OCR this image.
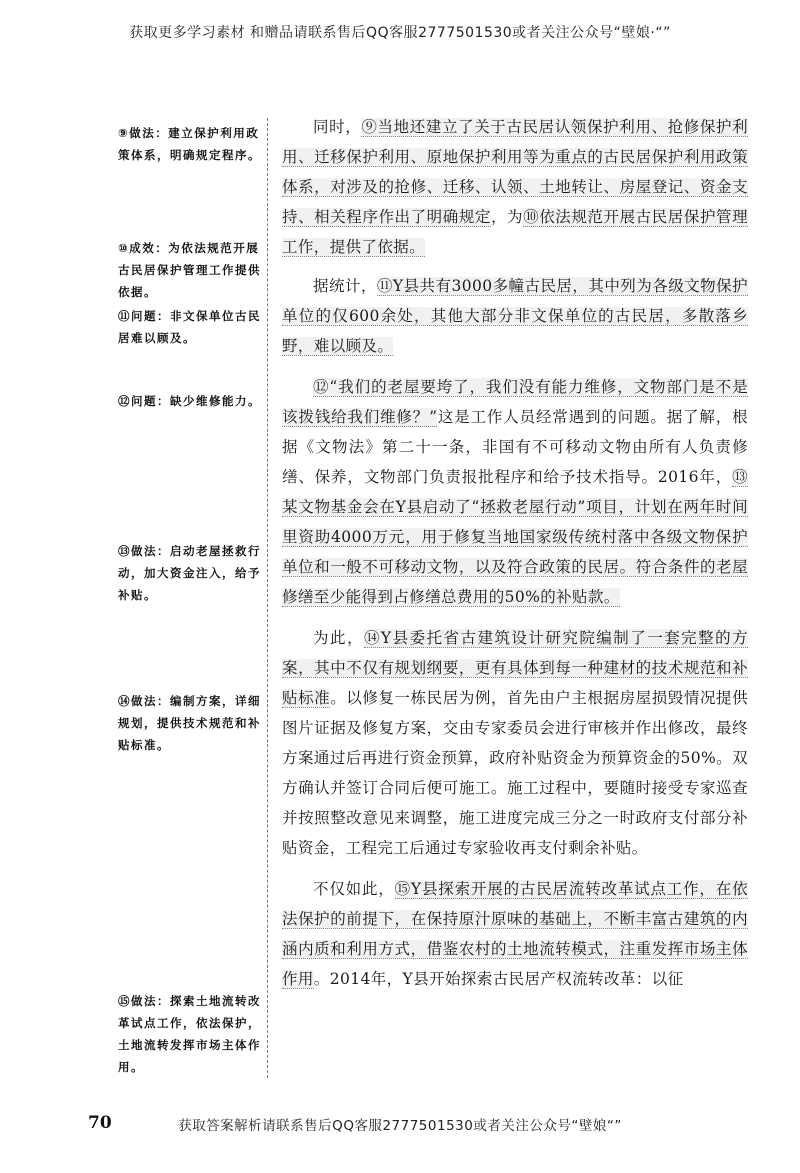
获取更多学习素材 和赠品请联系售后QQ客服2777501530或者关注公众号“壁娘·“”
⑨做法：建立保护利用政策体系，明确规定程序。
⑩成效：为依法规范开展古民居保护管理工作提供依据。
⑪问题：非文保单位古民居难以顾及。
⑫问题：缺少维修能力。
⑬做法：启动老屋拯救行动，加大资金注入，给予补贴。
⑭做法：编制方案，详细规划，提供技术规范和补贴标准。
⑮做法：探索土地流转改革试点工作，依法保护，土地流转发挥市场主体作用。

同时，⑨当地还建立了关于古民居认领保护利用、抢修保护利用、迁移保护利用、原地保护利用等为重点的古民居保护利用政策体系，对涉及的抢修、迁移、认领、土地转让、房屋登记、资金支持、相关程序作出了明确规定，为⑩依法规范开展古民居保护管理工作，提供了依据。

据统计，⑪Y县共有3000多幢古民居，其中列为各级文物保护单位的仅600余处，其他大部分非文保单位的古民居，多散落乡野，难以顾及。

⑫“我们的老屋要垮了，我们没有能力维修，文物部门是不是该拨钱给我们维修？”这是工作人员经常遇到的问题。据了解，根据《文物法》第二十一条，非国有不可移动文物由所有人负责修缮、保养，文物部门负责报批程序和给予技术指导。2016年，⑬某文物基金会在Y县启动了“拯救老屋行动”项目，计划在两年时间里资助4000万元，用于修复当地国家级传统村落中各级文物保护单位和一般不可移动文物，以及符合政策的民居。符合条件的老屋修缮至少能得到占修缮总费用的50%的补贴款。

为此，⑭Y县委托省古建筑设计研究院编制了一套完整的方案，其中不仅有规划纲要，更有具体到每一种建材的技术规范和补贴标准。以修复一栋民居为例，首先由户主根据房屋损毁情况提供图片证据及修复方案，交由专家委员会进行审核并作出修改，最终方案通过后再进行资金预算，政府补贴资金为预算资金的50%。双方确认并签订合同后便可施工。施工过程中，要随时接受专家巡查并按照整改意见来调整，施工进度完成三分之一时政府支付部分补贴资金，工程完工后通过专家验收再支付剩余补贴。

不仅如此，⑮Y县探索开展的古民居流转改革试点工作，在依法保护的前提下，在保持原汁原味的基础上，不断丰富古建筑的内涵内质和利用方式，借鉴农村的土地流转模式，注重发挥市场主体作用。2014年，Y县开始探索古民居产权流转改革：以征

70	获取答案解析请联系售后QQ客服2777501530或者关注公众号“壁娘“”
